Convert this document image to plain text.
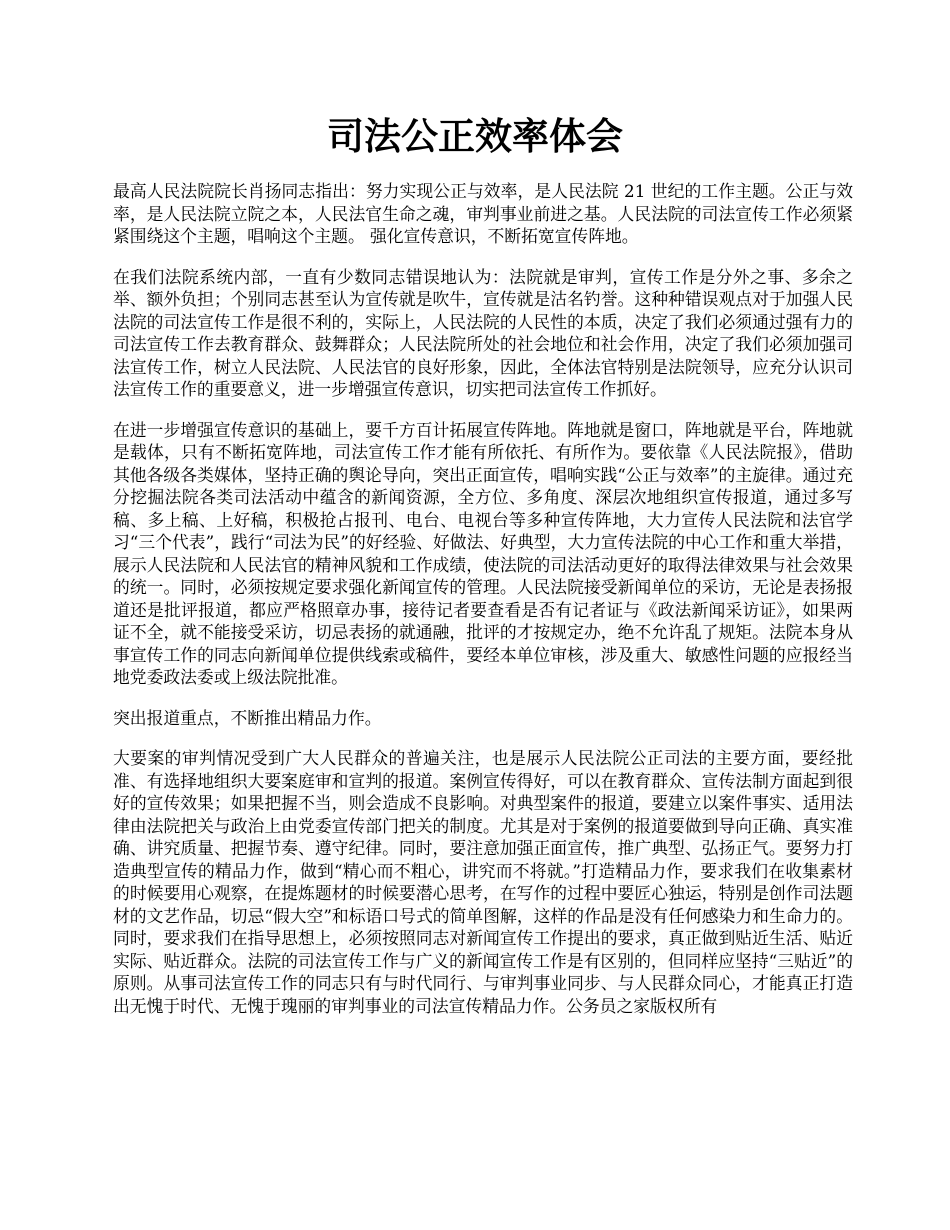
司法公正效率体会

最高人民法院院长肖扬同志指出：努力实现公正与效率，是人民法院 21 世纪的工作主题。公正与效率，是人民法院立院之本，人民法官生命之魂，审判事业前进之基。人民法院的司法宣传工作必须紧紧围绕这个主题，唱响这个主题。 强化宣传意识，不断拓宽宣传阵地。

在我们法院系统内部，一直有少数同志错误地认为：法院就是审判，宣传工作是分外之事、多余之举、额外负担；个别同志甚至认为宣传就是吹牛，宣传就是沽名钓誉。这种种错误观点对于加强人民法院的司法宣传工作是很不利的，实际上，人民法院的人民性的本质，决定了我们必须通过强有力的司法宣传工作去教育群众、鼓舞群众；人民法院所处的社会地位和社会作用，决定了我们必须加强司法宣传工作，树立人民法院、人民法官的良好形象，因此，全体法官特别是法院领导，应充分认识司法宣传工作的重要意义，进一步增强宣传意识，切实把司法宣传工作抓好。

在进一步增强宣传意识的基础上，要千方百计拓展宣传阵地。阵地就是窗口，阵地就是平台，阵地就是载体，只有不断拓宽阵地，司法宣传工作才能有所依托、有所作为。要依靠《人民法院报》，借助其他各级各类媒体，坚持正确的舆论导向，突出正面宣传，唱响实践“公正与效率”的主旋律。通过充分挖掘法院各类司法活动中蕴含的新闻资源，全方位、多角度、深层次地组织宣传报道，通过多写稿、多上稿、上好稿，积极抢占报刊、电台、电视台等多种宣传阵地，大力宣传人民法院和法官学习“三个代表”，践行“司法为民”的好经验、好做法、好典型，大力宣传法院的中心工作和重大举措，展示人民法院和人民法官的精神风貌和工作成绩，使法院的司法活动更好的取得法律效果与社会效果的统一。同时，必须按规定要求强化新闻宣传的管理。人民法院接受新闻单位的采访，无论是表扬报道还是批评报道，都应严格照章办事，接待记者要查看是否有记者证与《政法新闻采访证》，如果两证不全，就不能接受采访，切忌表扬的就通融，批评的才按规定办，绝不允许乱了规矩。法院本身从事宣传工作的同志向新闻单位提供线索或稿件，要经本单位审核，涉及重大、敏感性问题的应报经当地党委政法委或上级法院批准。

突出报道重点，不断推出精品力作。

大要案的审判情况受到广大人民群众的普遍关注，也是展示人民法院公正司法的主要方面，要经批准、有选择地组织大要案庭审和宣判的报道。案例宣传得好，可以在教育群众、宣传法制方面起到很好的宣传效果；如果把握不当，则会造成不良影响。对典型案件的报道，要建立以案件事实、适用法律由法院把关与政治上由党委宣传部门把关的制度。尤其是对于案例的报道要做到导向正确、真实准确、讲究质量、把握节奏、遵守纪律。同时，要注意加强正面宣传，推广典型、弘扬正气。要努力打造典型宣传的精品力作，做到“精心而不粗心，讲究而不将就。”打造精品力作，要求我们在收集素材的时候要用心观察，在提炼题材的时候要潜心思考，在写作的过程中要匠心独运，特别是创作司法题材的文艺作品，切忌“假大空”和标语口号式的简单图解，这样的作品是没有任何感染力和生命力的。同时，要求我们在指导思想上，必须按照同志对新闻宣传工作提出的要求，真正做到贴近生活、贴近实际、贴近群众。法院的司法宣传工作与广义的新闻宣传工作是有区别的，但同样应坚持“三贴近”的原则。从事司法宣传工作的同志只有与时代同行、与审判事业同步、与人民群众同心，才能真正打造出无愧于时代、无愧于瑰丽的审判事业的司法宣传精品力作。公务员之家版权所有
